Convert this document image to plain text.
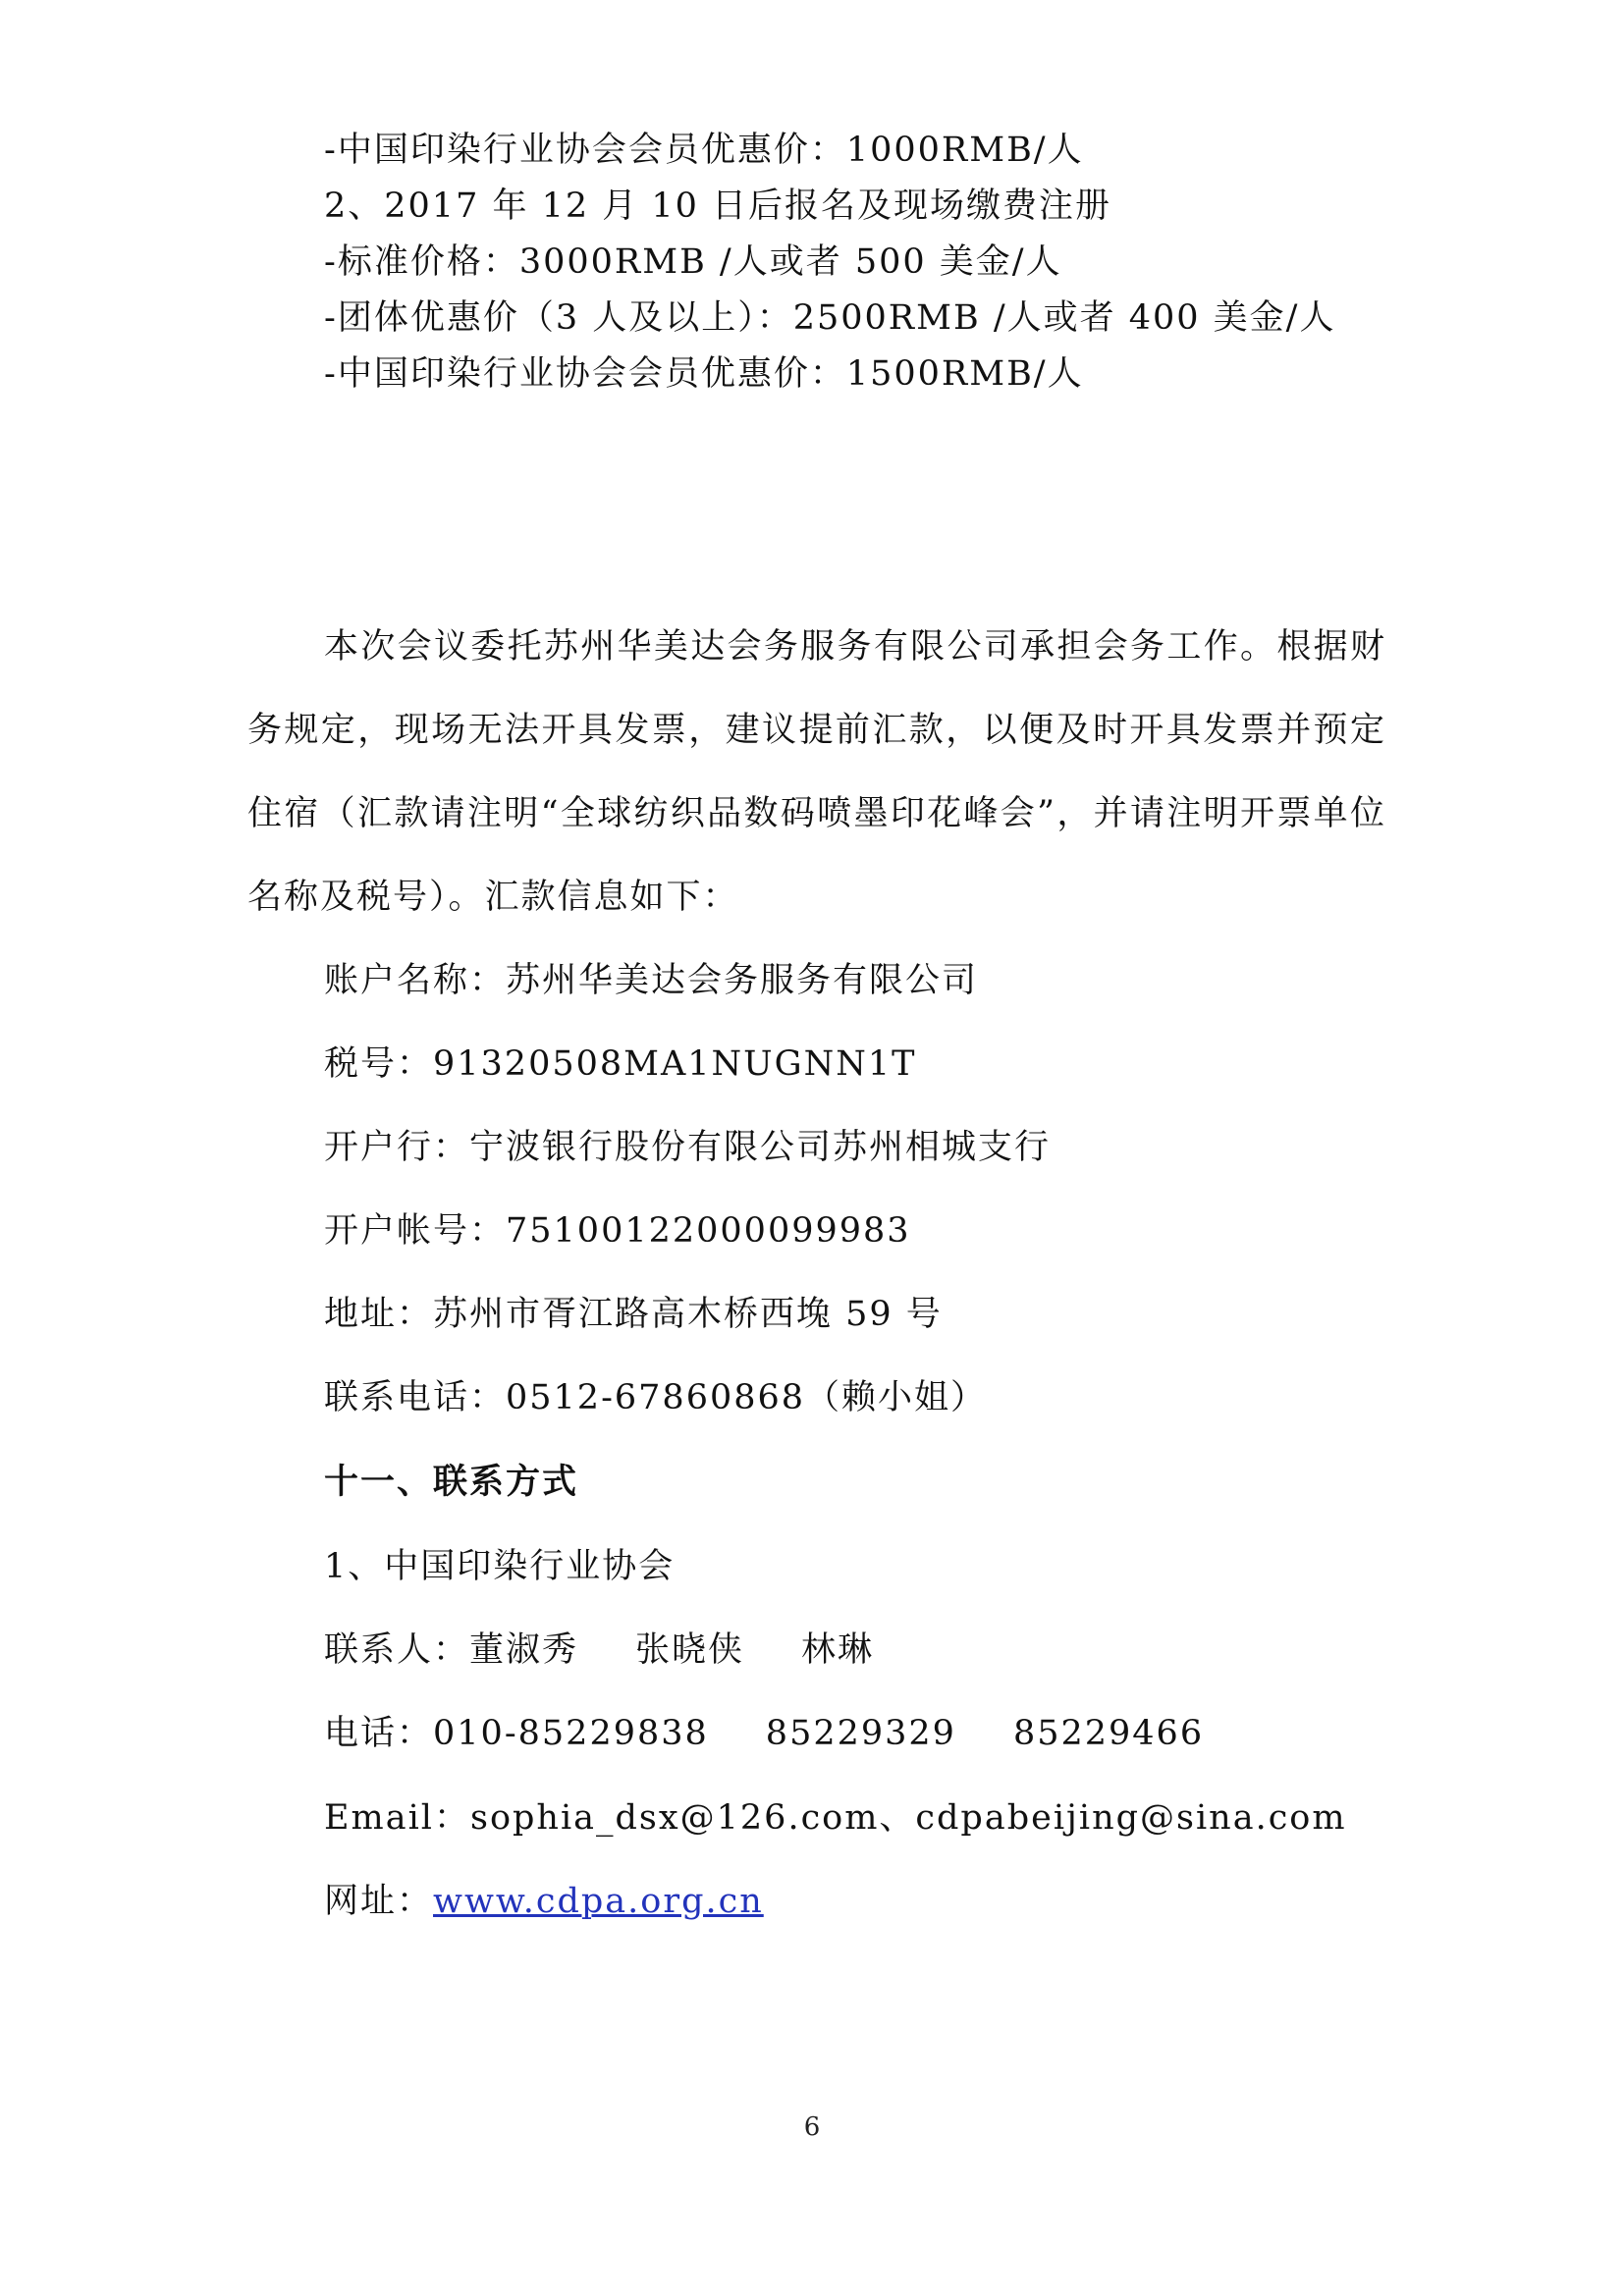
-中国印染行业协会会员优惠价：1000RMB/人
2、2017 年 12 月 10 日后报名及现场缴费注册
-标准价格：3000RMB /人或者 500 美金/人
-团体优惠价（3 人及以上）：2500RMB /人或者 400 美金/人
-中国印染行业协会会员优惠价：1500RMB/人
本次会议委托苏州华美达会务服务有限公司承担会务工作。根据财务规定，现场无法开具发票，建议提前汇款，以便及时开具发票并预定住宿（汇款请注明“全球纺织品数码喷墨印花峰会”，并请注明开票单位名称及税号）。汇款信息如下：
账户名称：苏州华美达会务服务有限公司
税号：91320508MA1NUGNN1T
开户行：宁波银行股份有限公司苏州相城支行
开户帐号：75100122000099983
地址：苏州市胥江路高木桥西堍 59 号
联系电话：0512-67860868（赖小姐）
十一、联系方式
1、中国印染行业协会
联系人：董淑秀 张晓侠 林琳
电话：010-85229838 85229329 85229466
Email：sophia_dsx@126.com、cdpabeijing@sina.com
网址：www.cdpa.org.cn
6
